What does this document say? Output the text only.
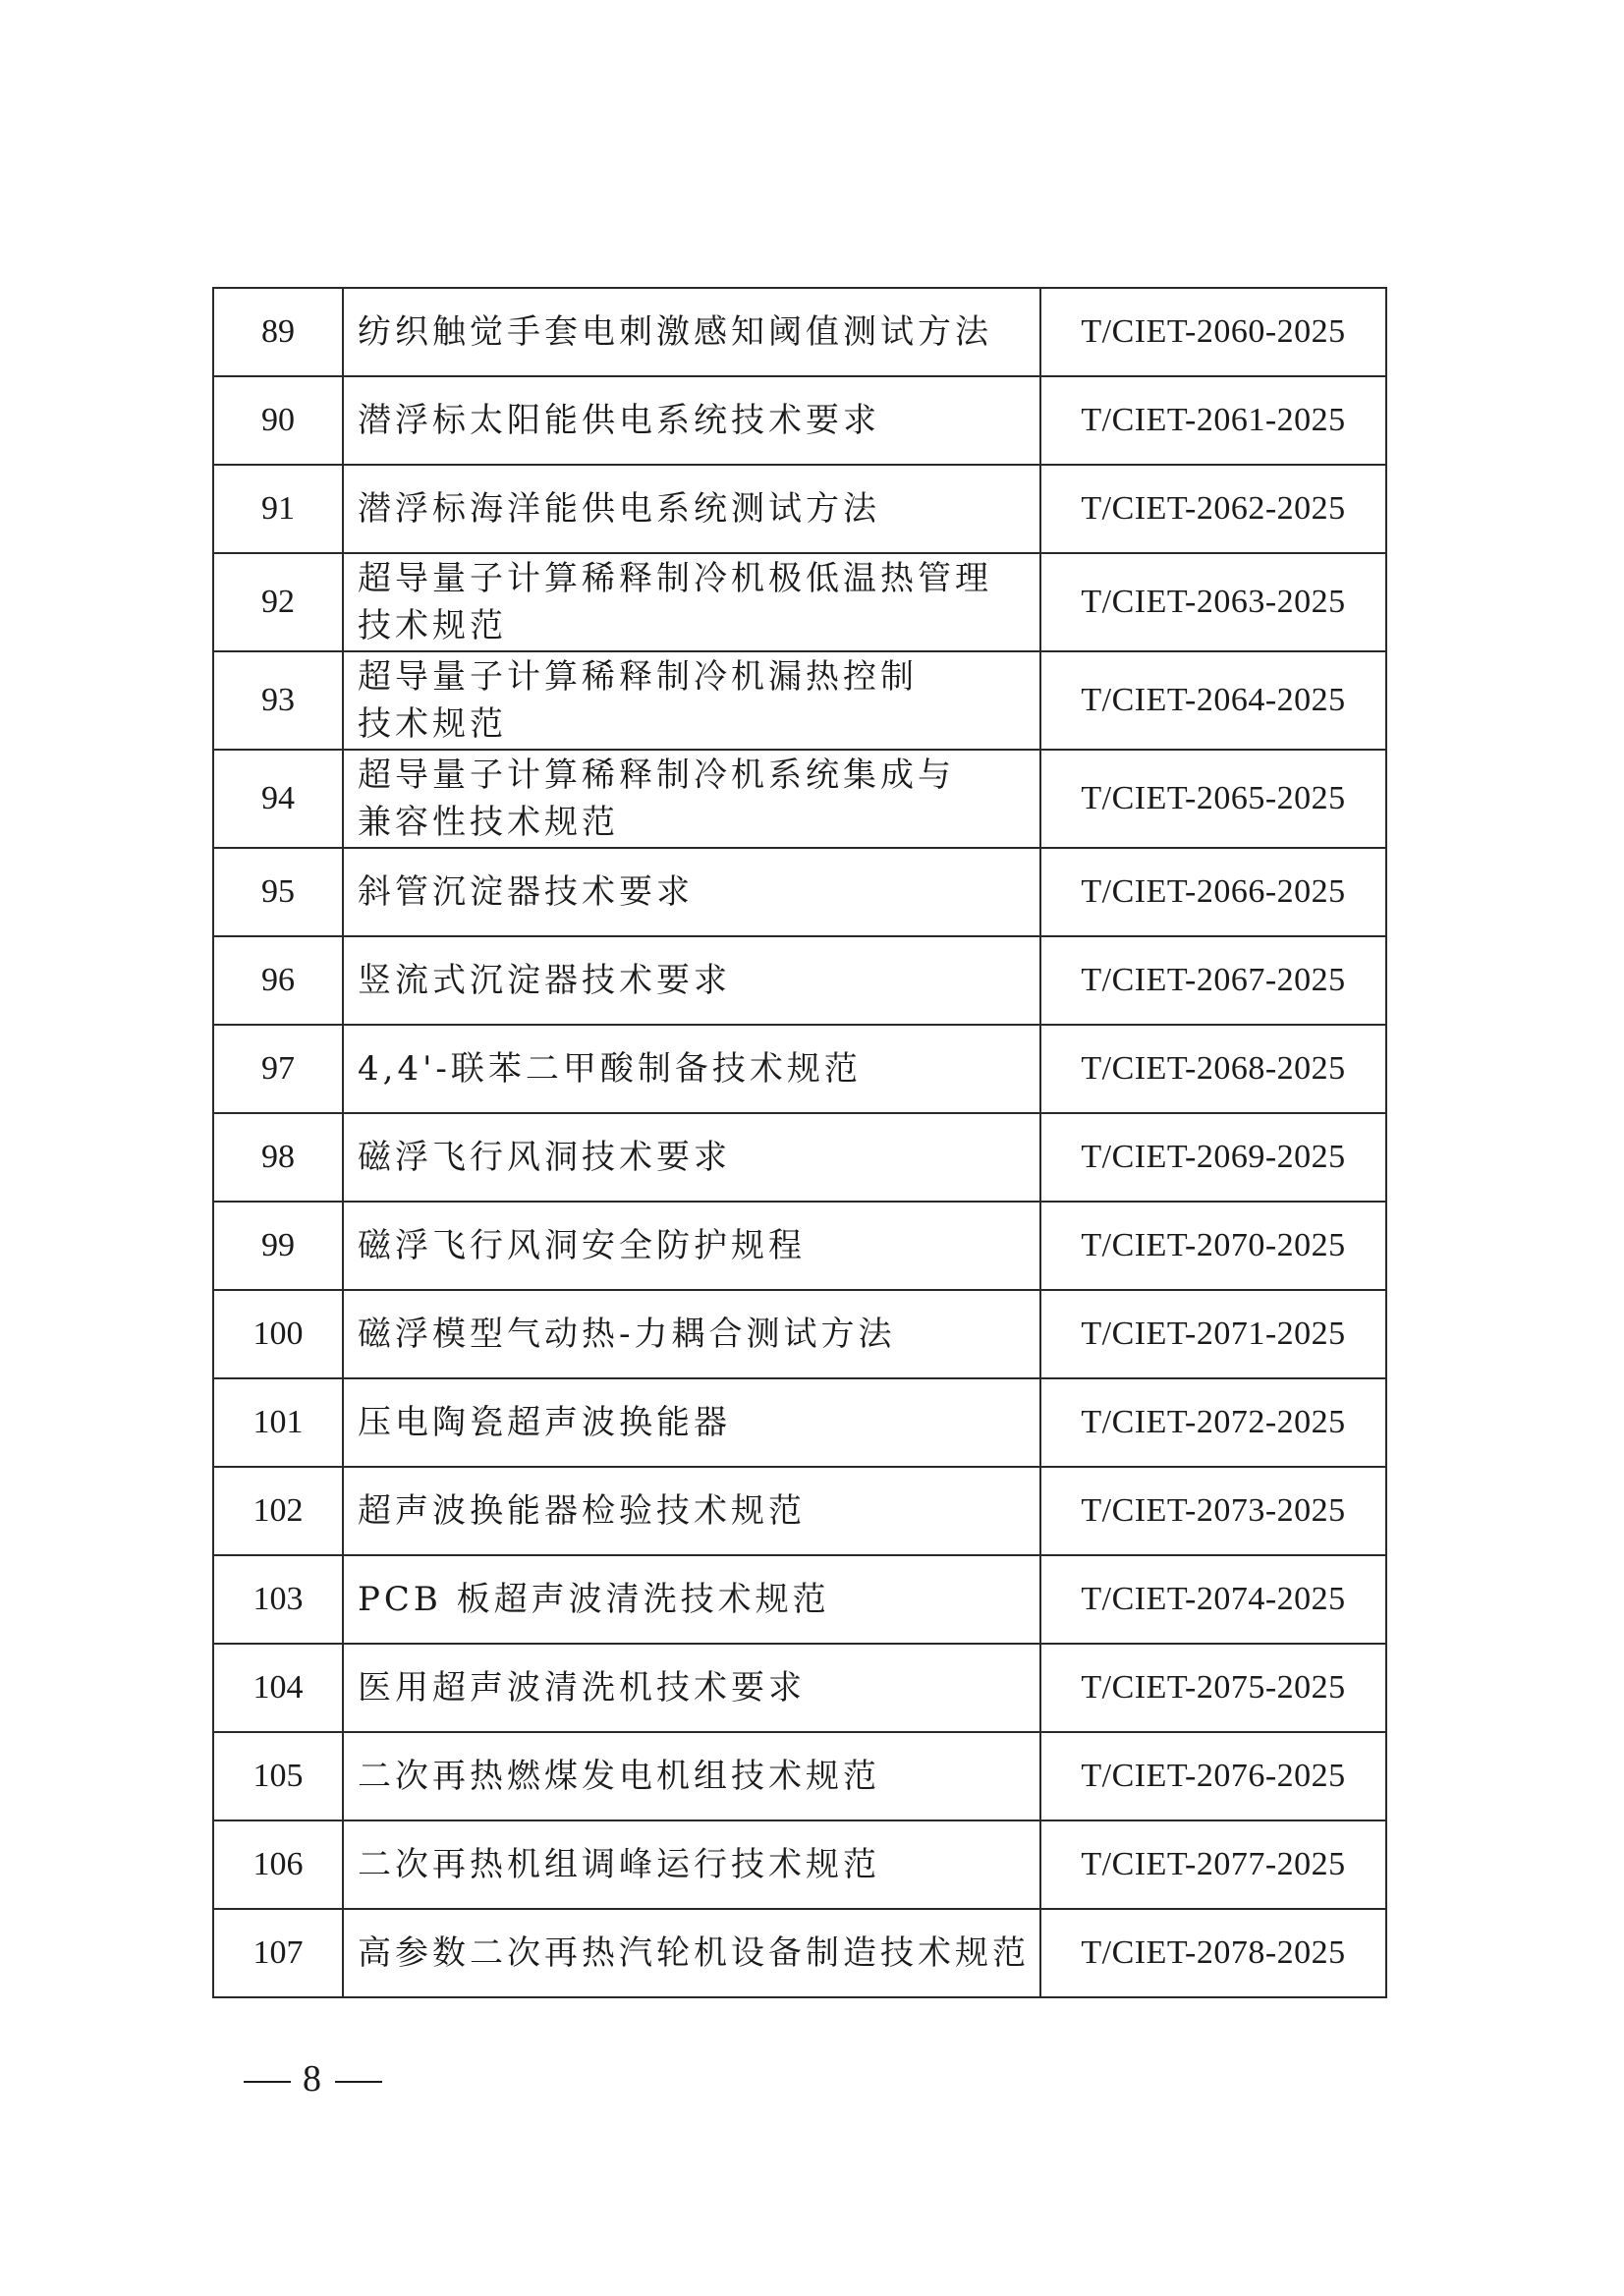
89	纺织触觉手套电刺激感知阈值测试方法	T/CIET-2060-2025
90	潜浮标太阳能供电系统技术要求	T/CIET-2061-2025
91	潜浮标海洋能供电系统测试方法	T/CIET-2062-2025
92	超导量子计算稀释制冷机极低温热管理
技术规范	T/CIET-2063-2025
93	超导量子计算稀释制冷机漏热控制
技术规范	T/CIET-2064-2025
94	超导量子计算稀释制冷机系统集成与
兼容性技术规范	T/CIET-2065-2025
95	斜管沉淀器技术要求	T/CIET-2066-2025
96	竖流式沉淀器技术要求	T/CIET-2067-2025
97	4,4'-联苯二甲酸制备技术规范	T/CIET-2068-2025
98	磁浮飞行风洞技术要求	T/CIET-2069-2025
99	磁浮飞行风洞安全防护规程	T/CIET-2070-2025
100	磁浮模型气动热-力耦合测试方法	T/CIET-2071-2025
101	压电陶瓷超声波换能器	T/CIET-2072-2025
102	超声波换能器检验技术规范	T/CIET-2073-2025
103	PCB 板超声波清洗技术规范	T/CIET-2074-2025
104	医用超声波清洗机技术要求	T/CIET-2075-2025
105	二次再热燃煤发电机组技术规范	T/CIET-2076-2025
106	二次再热机组调峰运行技术规范	T/CIET-2077-2025
107	高参数二次再热汽轮机设备制造技术规范	T/CIET-2078-2025
8
